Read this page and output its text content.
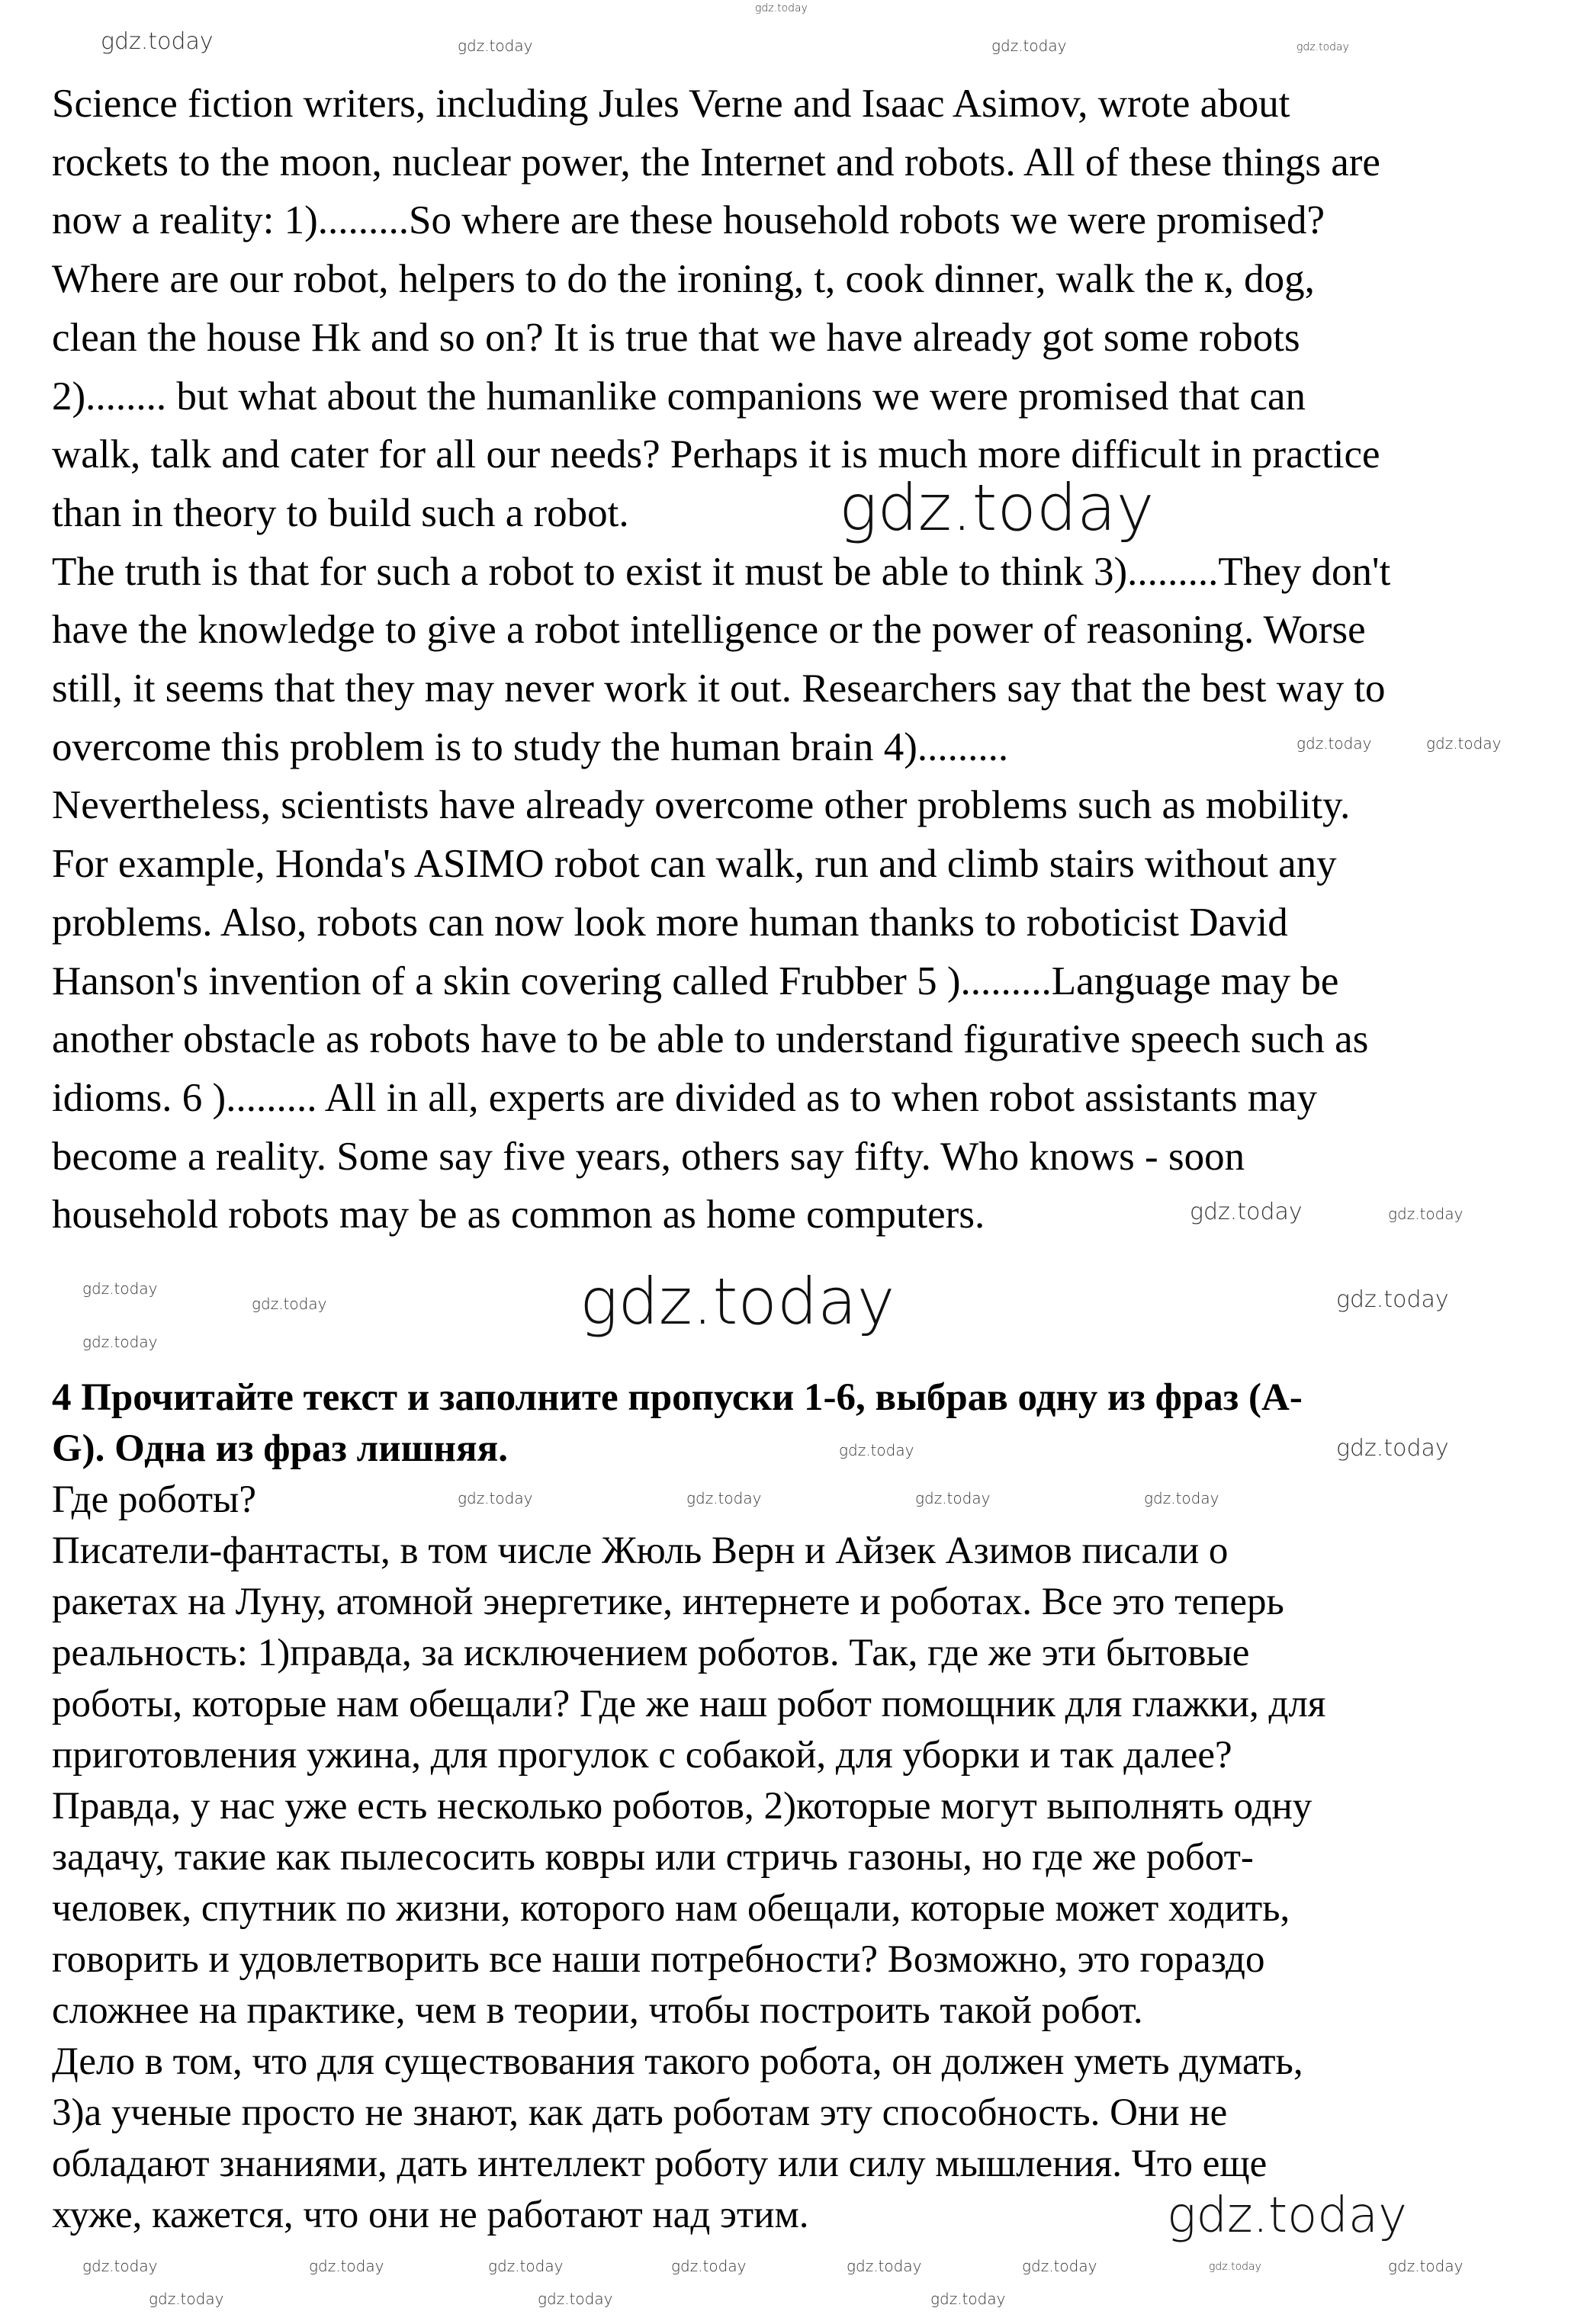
Science fiction writers, including Jules Verne and Isaac Asimov, wrote about
rockets to the moon, nuclear power, the Internet and robots. All of these things are
now a reality: 1).........So where are these household robots we were promised?
Where are our robot, helpers to do the ironing, t, cook dinner, walk the к, dog,
clean the house Hk and so on? It is true that we have already got some robots
2)........ but what about the humanlike companions we were promised that can
walk, talk and cater for all our needs? Perhaps it is much more difficult in practice
than in theory to build such a robot.
The truth is that for such a robot to exist it must be able to think 3).........They don't
have the knowledge to give a robot intelligence or the power of reasoning. Worse
still, it seems that they may never work it out. Researchers say that the best way to
overcome this problem is to study the human brain 4).........
Nevertheless, scientists have already overcome other problems such as mobility.
For example, Honda's ASIMO robot can walk, run and climb stairs without any
problems. Also, robots can now look more human thanks to roboticist David
Hanson's invention of a skin covering called Frubber 5 ).........Language may be
another obstacle as robots have to be able to understand figurative speech such as
idioms. 6 )......... All in all, experts are divided as to when robot assistants may
become a reality. Some say five years, others say fifty. Who knows - soon
household robots may be as common as home computers.
4 Прочитайте текст и заполните пропуски 1-6, выбрав одну из фраз (А-
G). Одна из фраз лишняя.
Где роботы?
Писатели-фантасты, в том числе Жюль Верн и Айзек Азимов писали о
ракетах на Луну, атомной энергетике, интернете и роботах. Все это теперь
реальность: 1)правда, за исключением роботов. Так, где же эти бытовые
роботы, которые нам обещали? Где же наш робот помощник для глажки, для
приготовления ужина, для прогулок с собакой, для уборки и так далее?
Правда, у нас уже есть несколько роботов, 2)которые могут выполнять одну
задачу, такие как пылесосить ковры или стричь газоны, но где же робот-
человек, спутник по жизни, которого нам обещали, которые может ходить,
говорить и удовлетворить все наши потребности? Возможно, это гораздо
сложнее на практике, чем в теории, чтобы построить такой робот.
Дело в том, что для существования такого робота, он должен уметь думать,
3)а ученые просто не знают, как дать роботам эту способность. Они не
обладают знаниями, дать интеллект роботу или силу мышления. Что еще
хуже, кажется, что они не работают над этим.
gdz.today
gdz.today	gdz.today	gdz.today	gdz.today
gdz.today
gdz.today	gdz.today
gdz.today	gdz.today
gdz.today	gdz.today
gdz.today
gdz.today
gdz.today
gdz.today
gdz.today
gdz.today	gdz.today	gdz.today	gdz.today
gdz.today
gdz.today	gdz.today	gdz.today	gdz.today	gdz.today	gdz.today	gdz.today	gdz.today
gdz.today	gdz.today	gdz.today
